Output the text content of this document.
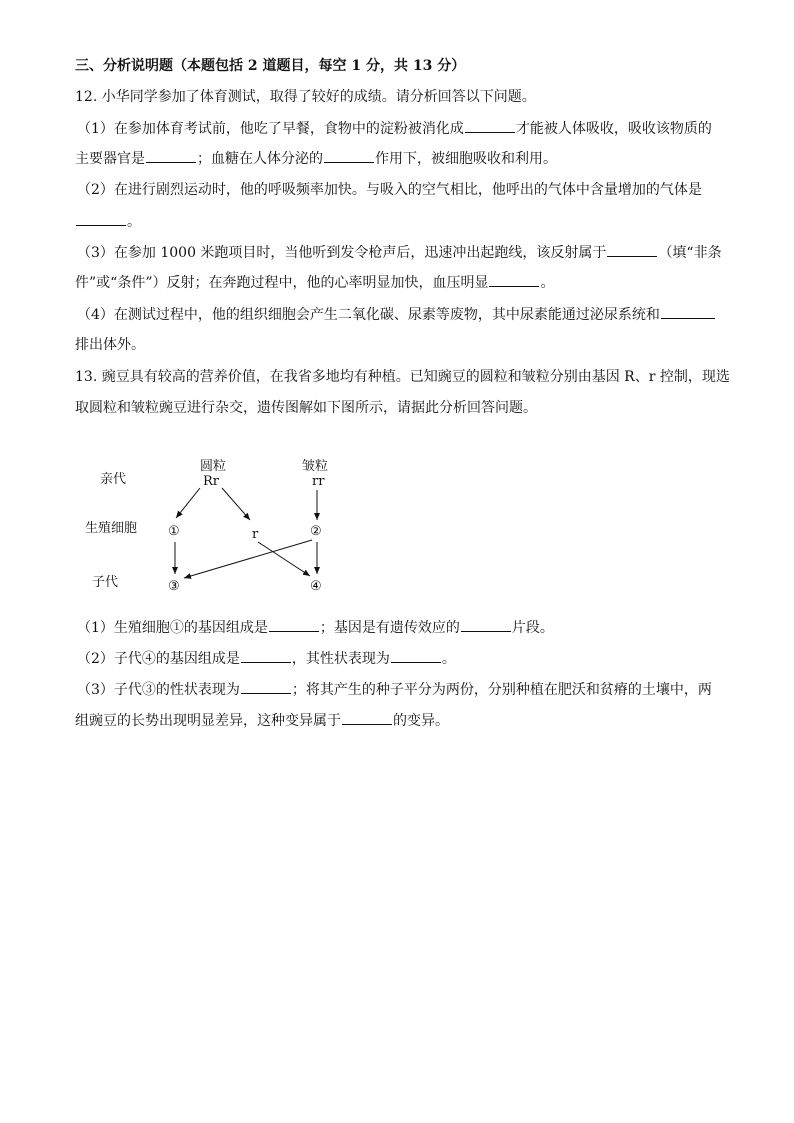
三、分析说明题（本题包括 2 道题目，每空 1 分，共 13 分）
12. 小华同学参加了体育测试，取得了较好的成绩。请分析回答以下问题。
（1）在参加体育考试前，他吃了早餐，食物中的淀粉被消化成	才能被人体吸收，吸收该物质的
主要器官是	；血糖在人体分泌的	作用下，被细胞吸收和利用。
（2）在进行剧烈运动时，他的呼吸频率加快。与吸入的空气相比，他呼出的气体中含量增加的气体是
。
（3）在参加 1000 米跑项目时，当他听到发令枪声后，迅速冲出起跑线，该反射属于	（填“非条
件”或“条件”）反射；在奔跑过程中，他的心率明显加快，血压明显	。
（4）在测试过程中，他的组织细胞会产生二氧化碳、尿素等废物，其中尿素能通过泌尿系统和
排出体外。
13. 豌豆具有较高的营养价值，在我省多地均有种植。已知豌豆的圆粒和皱粒分别由基因 R、r 控制，现选
取圆粒和皱粒豌豆进行杂交，遗传图解如下图所示，请据此分析回答问题。
亲代
生殖细胞
子代
圆粒
Rr
皱粒
rr
①	r	②
③	④
（1）生殖细胞①的基因组成是	；基因是有遗传效应的	片段。
（2）子代④的基因组成是	，其性状表现为	。
（3）子代③的性状表现为	；将其产生的种子平分为两份，分别种植在肥沃和贫瘠的土壤中，两
组豌豆的长势出现明显差异，这种变异属于	的变异。
